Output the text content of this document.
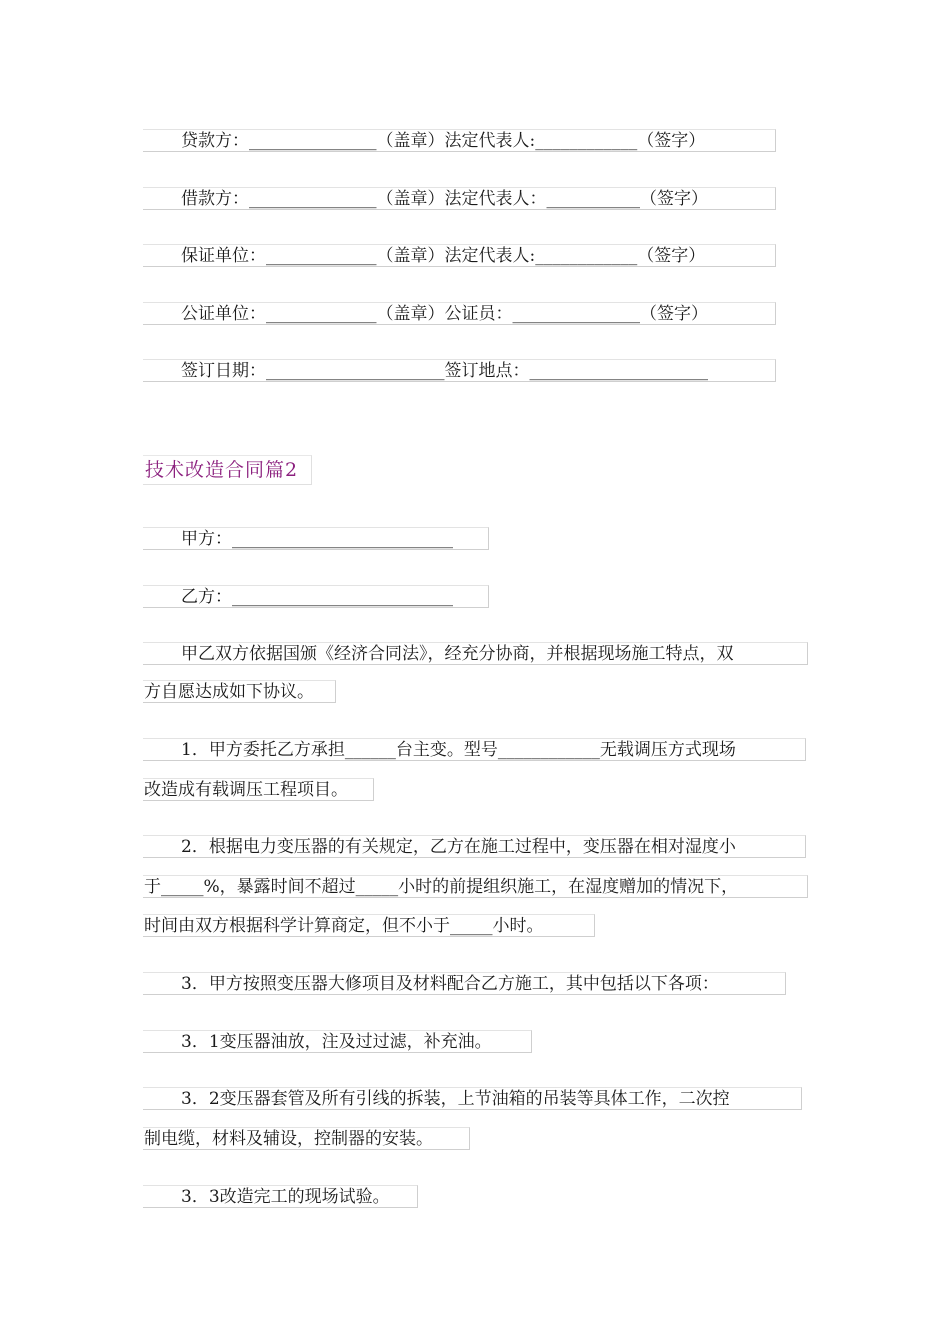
贷款方：_______________（盖章）法定代表人:____________（签字）
借款方：_______________（盖章）法定代表人：___________（签字）
保证单位：_____________（盖章）法定代表人:____________（签字）
公证单位：_____________（盖章）公证员：_______________（签字）
签订日期：_____________________签订地点：_____________________
技术改造合同篇2
甲方：__________________________
乙方：__________________________
甲乙双方依据国颁《经济合同法》，经充分协商，并根据现场施工特点，双
方自愿达成如下协议。
1．甲方委托乙方承担______台主变。型号____________无载调压方式现场
改造成有载调压工程项目。
2．根据电力变压器的有关规定，乙方在施工过程中，变压器在相对湿度小
于_____%，暴露时间不超过_____小时的前提组织施工，在湿度赠加的情况下，
时间由双方根据科学计算商定，但不小于_____小时。
3．甲方按照变压器大修项目及材料配合乙方施工，其中包括以下各项：
3．1变压器油放，注及过过滤，补充油。
3．2变压器套管及所有引线的拆装，上节油箱的吊装等具体工作，二次控
制电缆，材料及辅设，控制器的安装。
3．3改造完工的现场试验。
